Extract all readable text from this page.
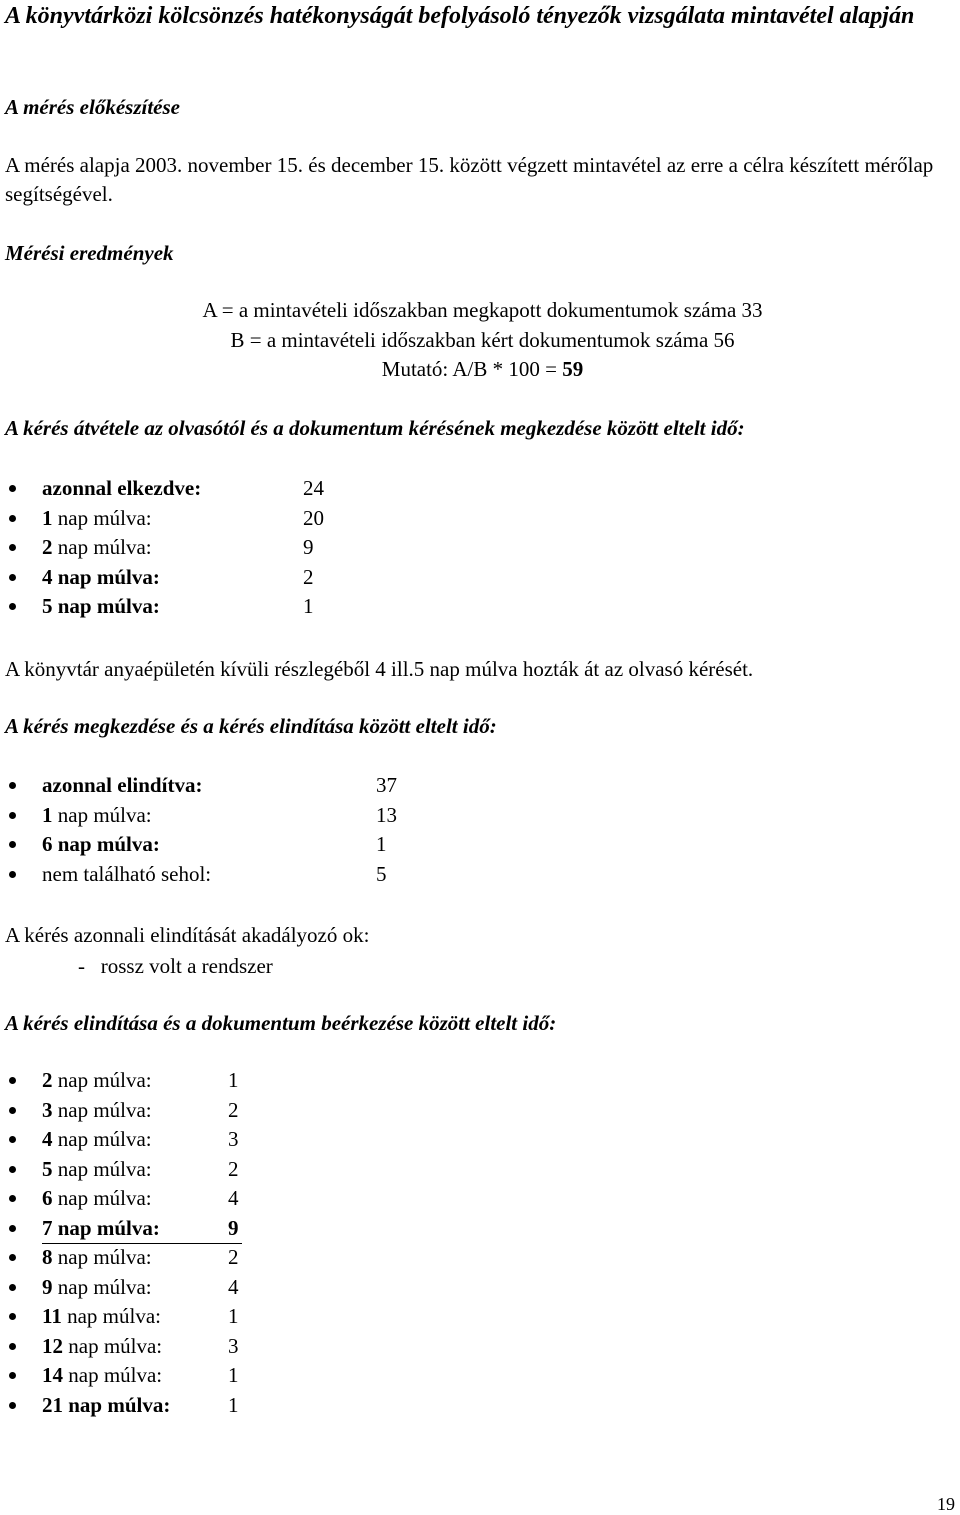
A könyvtárközi kölcsönzés hatékonyságát befolyásoló tényezők vizsgálata mintavétel alapján
A mérés előkészítése

A mérés alapja 2003. november 15. és december 15. között végzett mintavétel az erre a célra készített mérőlap segítségével.

Mérési eredmények

A = a mintavételi időszakban megkapott dokumentumok száma 33

B = a mintavételi időszakban kért dokumentumok száma 56

Mutató: A/B * 100 = 59

A kérés átvétele az olvasótól és a dokumentum kérésének megkezdése között eltelt idő:
azonnal elkezdve:	24
1 nap múlva:	20
2 nap múlva:	9
4 nap múlva:	2
5 nap múlva:	1

A könyvtár anyaépületén kívüli részlegéből 4 ill.5 nap múlva hozták át az olvasó kérését.

A kérés megkezdése és a kérés elindítása között eltelt idő:
azonnal elindítva:	37
1 nap múlva:	13
6 nap múlva:	1
nem található sehol:	5

A kérés azonnali elindítását akadályozó ok:

-   rossz volt a rendszer

A kérés elindítása és a dokumentum beérkezése között eltelt idő:
2 nap múlva:	1
3 nap múlva:	2
4 nap múlva:	3
5 nap múlva:	2
6 nap múlva:	4
7 nap múlva:	9
8 nap múlva:	2
9 nap múlva:	4
11 nap múlva:	1
12 nap múlva:	3
14 nap múlva:	1
21 nap múlva:	1
19
